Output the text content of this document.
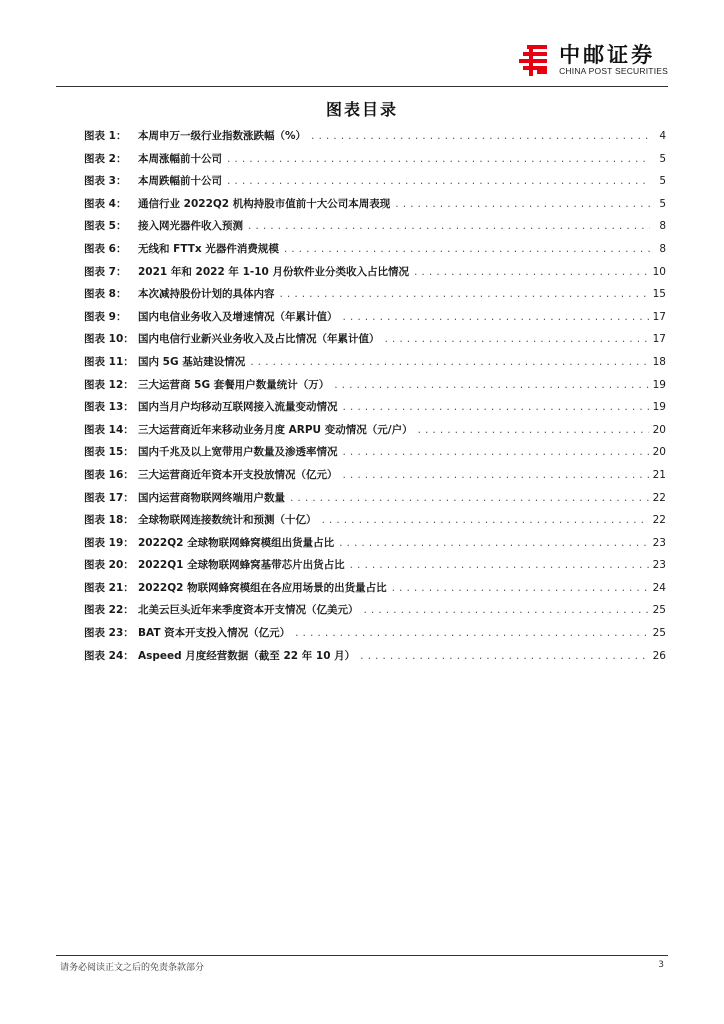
中邮证券
CHINA POST SECURITIES
图表目录
图表 1：	本周申万一级行业指数涨跌幅（%） .....	4
图表 2：	本周涨幅前十公司 .....	5
图表 3：	本周跌幅前十公司 .....	5
图表 4：	通信行业 2022Q2 机构持股市值前十大公司本周表现 .....	5
图表 5：	接入网光器件收入预测 .....	8
图表 6：	无线和 FTTx 光器件消费规模 .....	8
图表 7：	2021 年和 2022 年 1-10 月份软件业分类收入占比情况 .....	10
图表 8：	本次减持股份计划的具体内容 .....	15
图表 9：	国内电信业务收入及增速情况（年累计值） .....	17
图表 10： 国内电信行业新兴业务收入及占比情况（年累计值） .....	17
图表 11： 国内 5G 基站建设情况 .....	18
图表 12： 三大运营商 5G 套餐用户数量统计（万） .....	19
图表 13： 国内当月户均移动互联网接入流量变动情况 .....	19
图表 14： 三大运营商近年来移动业务月度 ARPU 变动情况（元/户） .....	20
图表 15： 国内千兆及以上宽带用户数量及渗透率情况 .....	20
图表 16： 三大运营商近年资本开支投放情况（亿元） .....	21
图表 17： 国内运营商物联网终端用户数量 .....	22
图表 18： 全球物联网连接数统计和预测（十亿） .....	22
图表 19： 2022Q2 全球物联网蜂窝模组出货量占比 .....	23
图表 20： 2022Q1 全球物联网蜂窝基带芯片出货占比 .....	23
图表 21： 2022Q2 物联网蜂窝模组在各应用场景的出货量占比 .....	24
图表 22： 北美云巨头近年来季度资本开支情况（亿美元） .....	25
图表 23： BAT 资本开支投入情况（亿元） .....	25
图表 24： Aspeed 月度经营数据（截至 22 年 10 月） .....	26
请务必阅读正文之后的免责条款部分	3
